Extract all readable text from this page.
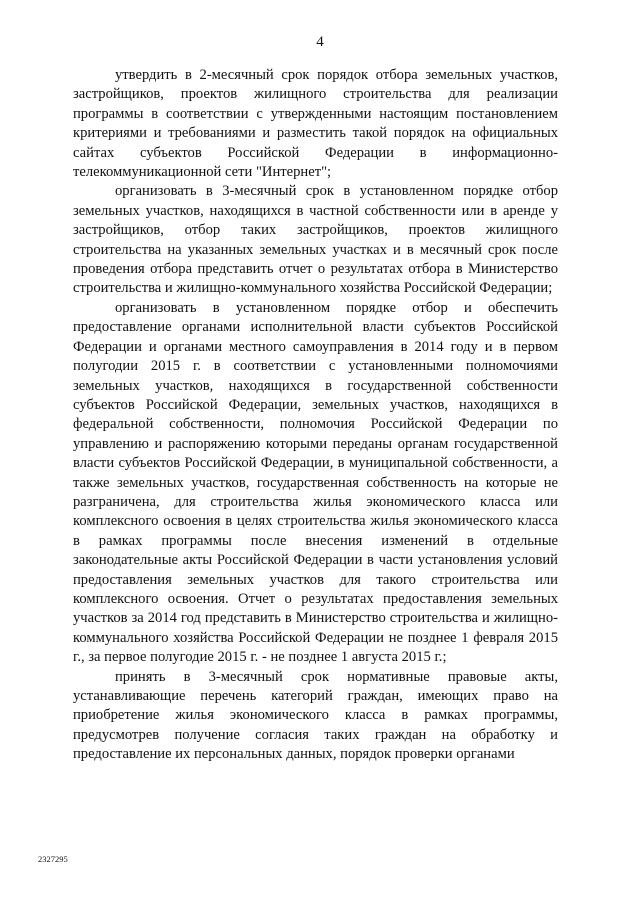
4

утвердить в 2-месячный срок порядок отбора земельных участков, застройщиков, проектов жилищного строительства для реализации программы в соответствии с утвержденными настоящим постановлением критериями и требованиями и разместить такой порядок на официальных сайтах субъектов Российской Федерации в информационно-телекоммуникационной сети "Интернет";

организовать в 3-месячный срок в установленном порядке отбор земельных участков, находящихся в частной собственности или в аренде у застройщиков, отбор таких застройщиков, проектов жилищного строительства на указанных земельных участках и в месячный срок после проведения отбора представить отчет о результатах отбора в Министерство строительства и жилищно-коммунального хозяйства Российской Федерации;

организовать в установленном порядке отбор и обеспечить предоставление органами исполнительной власти субъектов Российской Федерации и органами местного самоуправления в 2014 году и в первом полугодии 2015 г. в соответствии с установленными полномочиями земельных участков, находящихся в государственной собственности субъектов Российской Федерации, земельных участков, находящихся в федеральной собственности, полномочия Российской Федерации по управлению и распоряжению которыми переданы органам государственной власти субъектов Российской Федерации, в муниципальной собственности, а также земельных участков, государственная собственность на которые не разграничена, для строительства жилья экономического класса или комплексного освоения в целях строительства жилья экономического класса в рамках программы после внесения изменений в отдельные законодательные акты Российской Федерации в части установления условий предоставления земельных участков для такого строительства или комплексного освоения. Отчет о результатах предоставления земельных участков за 2014 год представить в Министерство строительства и жилищно-коммунального хозяйства Российской Федерации не позднее 1 февраля 2015 г., за первое полугодие 2015 г. - не позднее 1 августа 2015 г.;

принять в 3-месячный срок нормативные правовые акты, устанавливающие перечень категорий граждан, имеющих право на приобретение жилья экономического класса в рамках программы, предусмотрев получение согласия таких граждан на обработку и предоставление их персональных данных, порядок проверки органами

2327295
